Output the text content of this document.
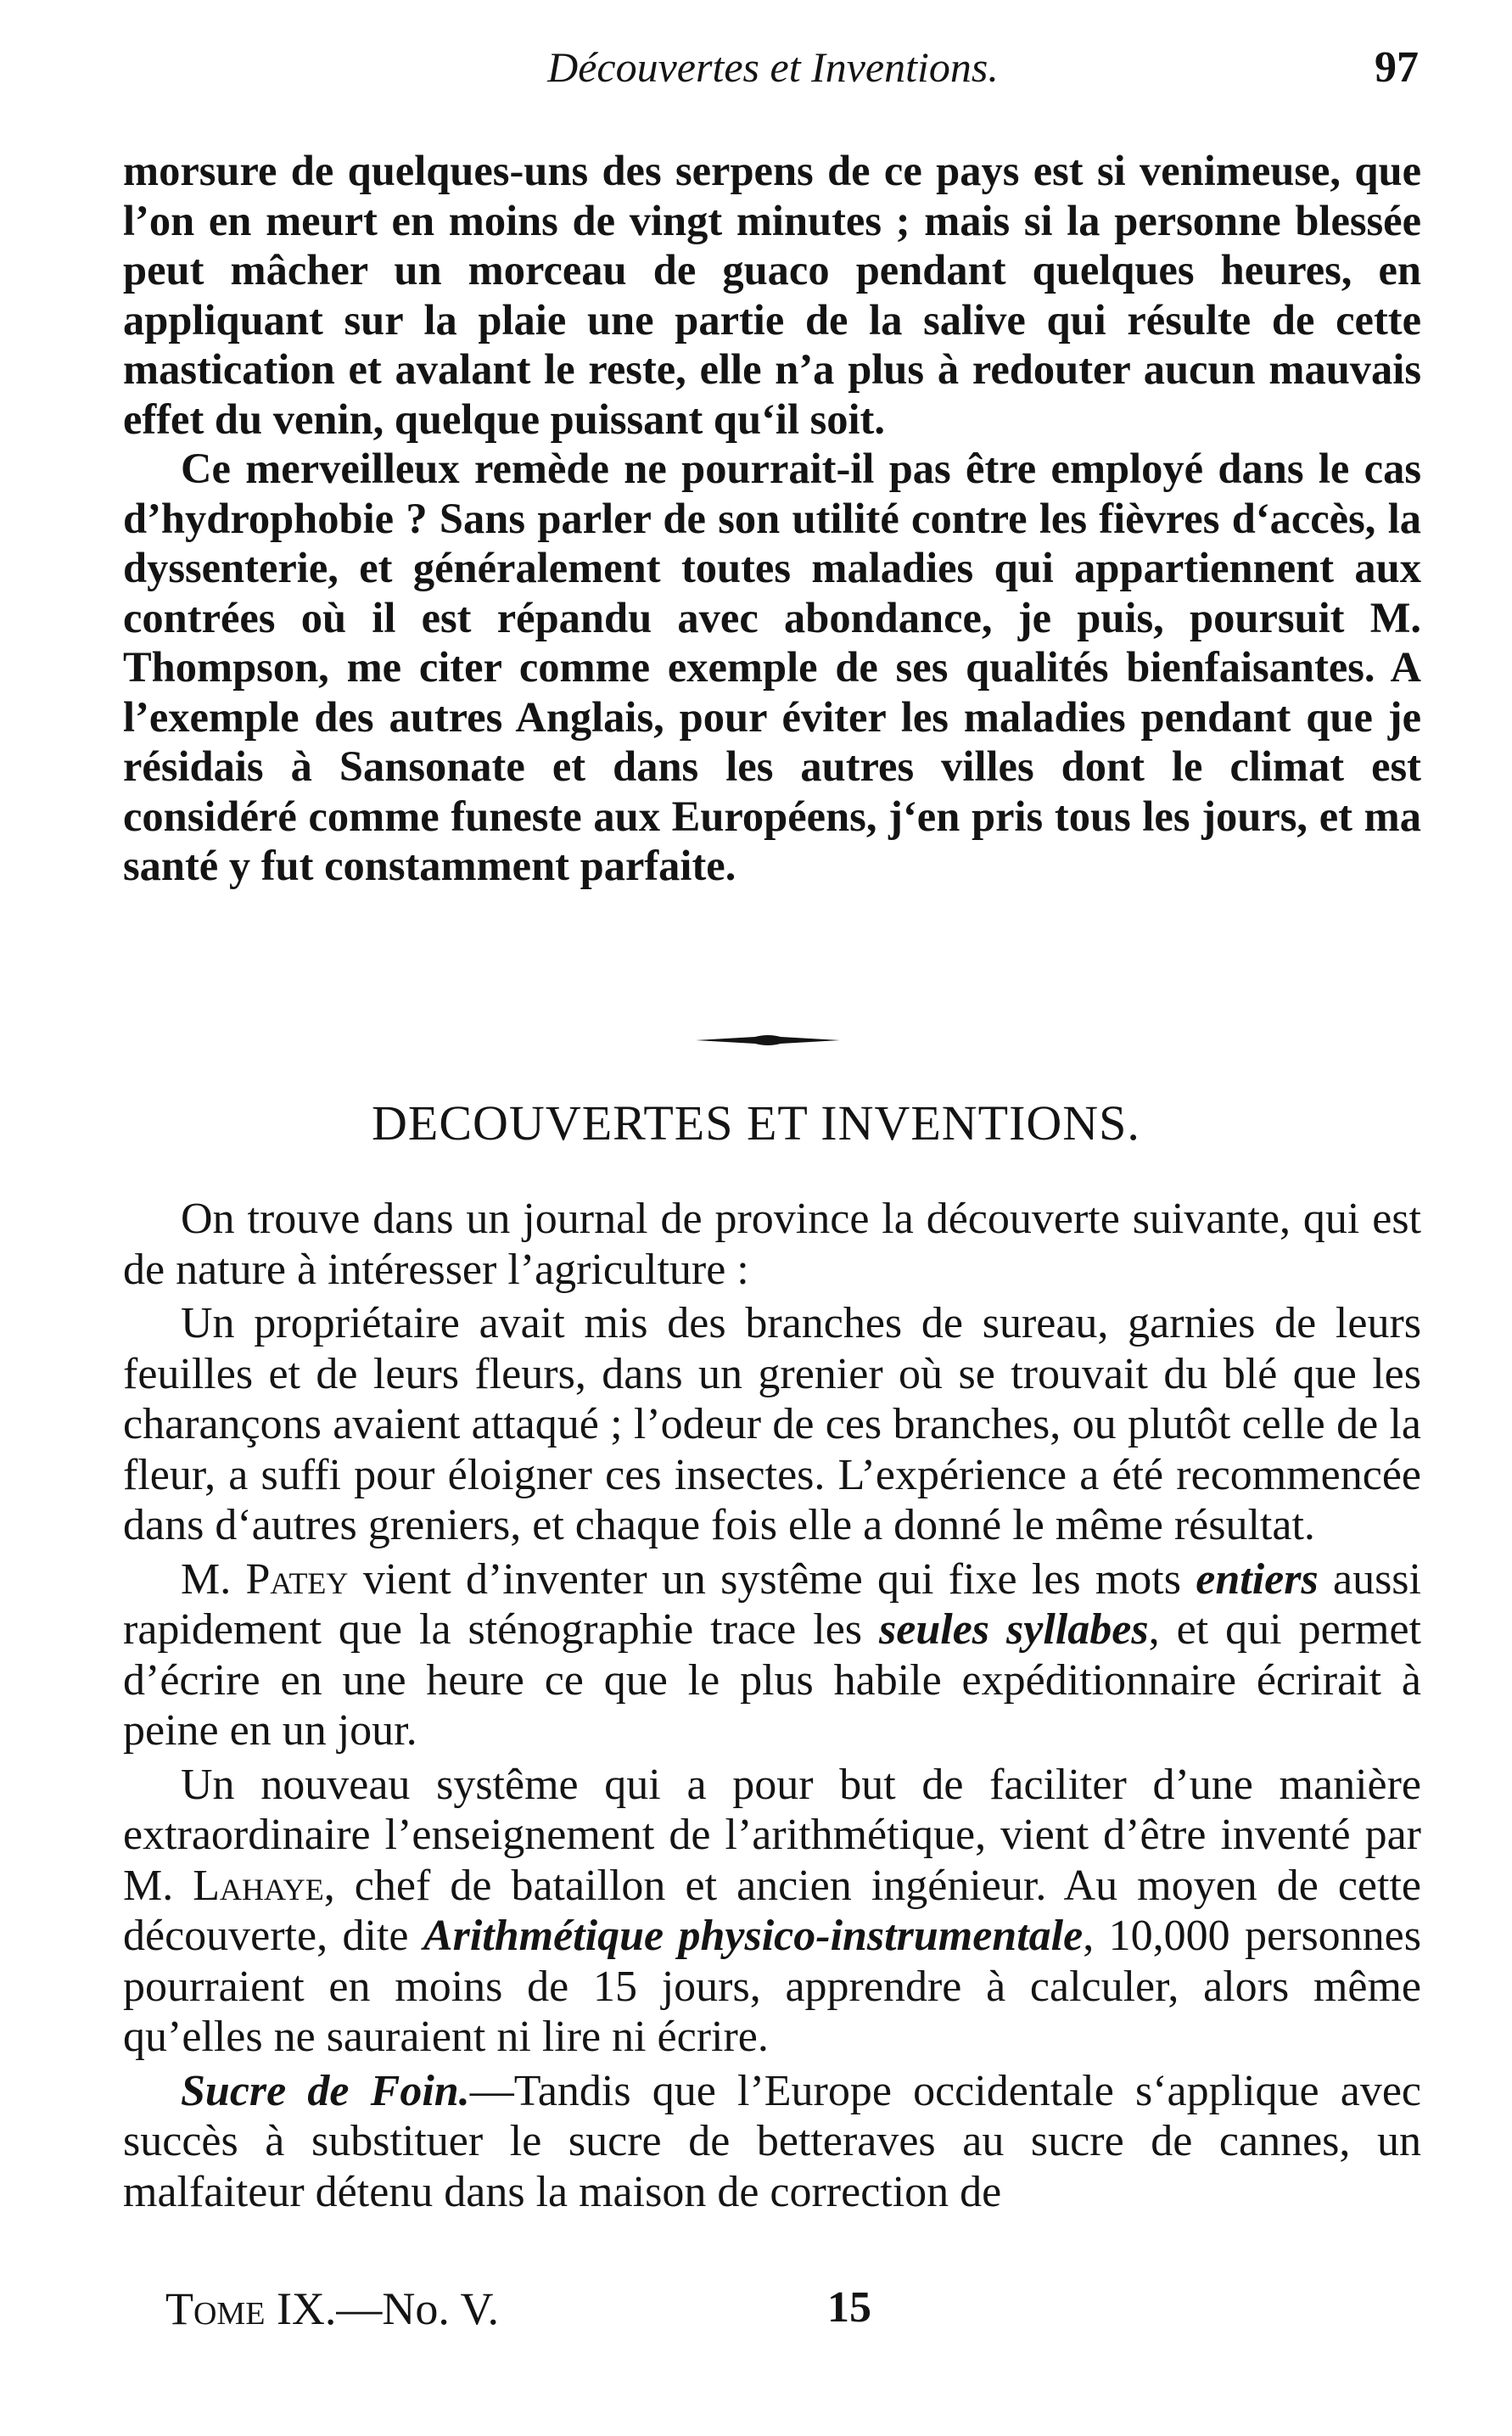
Découvertes et Inventions.	97

morsure de quelques-uns des serpens de ce pays est si venimeuse, que l’on en meurt en moins de vingt minutes ; mais si la personne blessée peut mâcher un morceau de guaco pendant quelques heures, en appliquant sur la plaie une partie de la salive qui résulte de cette mastication et avalant le reste, elle n’a plus à redouter aucun mauvais effet du venin, quelque puissant qu‘il soit.

Ce merveilleux remède ne pourrait-il pas être employé dans le cas d’hydrophobie ? Sans parler de son utilité contre les fièvres d‘accès, la dyssenterie, et généralement toutes maladies qui appartiennent aux contrées où il est répandu avec abondance, je puis, poursuit M. Thompson, me citer comme exemple de ses qualités bienfaisantes. A l’exemple des autres Anglais, pour éviter les maladies pendant que je résidais à Sansonate et dans les autres villes dont le climat est considéré comme funeste aux Européens, j‘en pris tous les jours, et ma santé y fut constamment parfaite.

DECOUVERTES ET INVENTIONS.

On trouve dans un journal de province la découverte suivante, qui est de nature à intéresser l’agriculture :

Un propriétaire avait mis des branches de sureau, garnies de leurs feuilles et de leurs fleurs, dans un grenier où se trouvait du blé que les charançons avaient attaqué ; l’odeur de ces branches, ou plutôt celle de la fleur, a suffi pour éloigner ces insectes. L’expérience a été recommencée dans d‘autres greniers, et chaque fois elle a donné le même résultat.

M. Patey vient d’inventer un systême qui fixe les mots entiers aussi rapidement que la sténographie trace les seules syllabes, et qui permet d’écrire en une heure ce que le plus habile expéditionnaire écrirait à peine en un jour.

Un nouveau systême qui a pour but de faciliter d’une manière extraordinaire l’enseignement de l’arithmétique, vient d’être inventé par M. Lahaye, chef de bataillon et ancien ingénieur. Au moyen de cette découverte, dite Arithmétique physico-instrumentale, 10,000 personnes pourraient en moins de 15 jours, apprendre à calculer, alors même qu’elles ne sauraient ni lire ni écrire.

Sucre de Foin.—Tandis que l’Europe occidentale s‘applique avec succès à substituer le sucre de betteraves au sucre de cannes, un malfaiteur détenu dans la maison de correction de

Tome IX.—No. V.	15
